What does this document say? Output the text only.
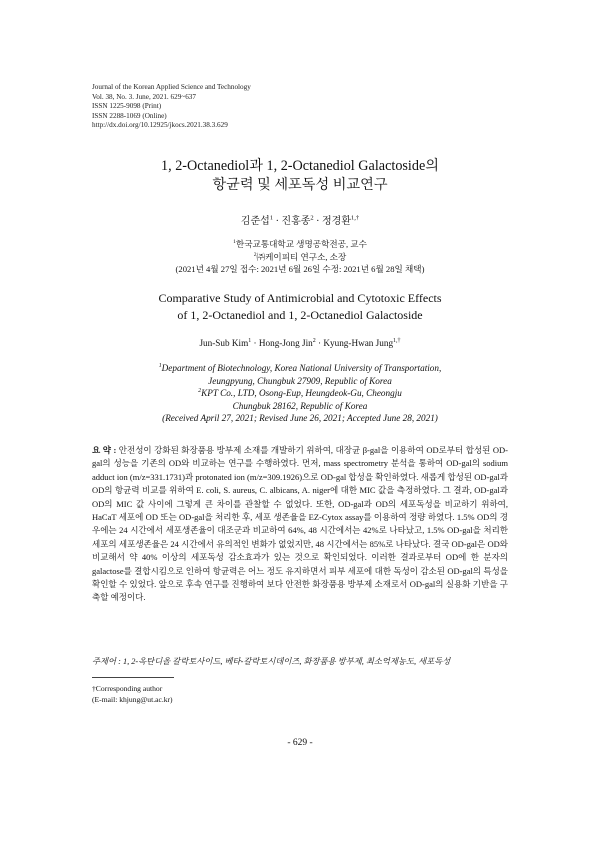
Journal of the Korean Applied Science and Technology
Vol. 38, No. 3. June, 2021. 629~637
ISSN 1225-9098 (Print)
ISSN 2288-1069 (Online)
http://dx.doi.org/10.12925/jkocs.2021.38.3.629
1, 2-Octanediol과 1, 2-Octanediol Galactoside의
항균력 및 세포독성 비교연구
김준섭$^1$ · 진홍종$^2$ · 정경환$^{1,\dagger}$
$^1$한국교통대학교 생명공학전공, 교수
$^2$㈜케이피티 연구소, 소장
(2021년 4월 27일 접수: 2021년 6월 26일 수정: 2021년 6월 28일 채택)
Comparative Study of Antimicrobial and Cytotoxic Effects
of 1, 2-Octanediol and 1, 2-Octanediol Galactoside
Jun-Sub Kim$^1$ · Hong-Jong Jin$^2$ · Kyung-Hwan Jung$^{1,\dagger}$
$^1$Department of Biotechnology, Korea National University of Transportation,
Jeungpyung, Chungbuk 27909, Republic of Korea
$^2$KPT Co., LTD, Osong-Eup, Heungdeok-Gu, Cheongju
Chungbuk 28162, Republic of Korea
(Received April 27, 2021; Revised June 26, 2021; Accepted June 28, 2021)
요 약 : 안전성이 강화된 화장품용 방부제 소재를 개발하기 위하여, 대장균 β-gal을 이용하여 OD로부터 합성된 OD-gal의 성능을 기존의 OD와 비교하는 연구를 수행하였다. 먼저, mass spectrometry 분석을 통하여 OD-gal의 sodium adduct ion (m/z=331.1731)과 protonated ion (m/z=309.1926)으로 OD-gal 합성을 확인하였다. 새롭게 합성된 OD-gal과 OD의 항균력 비교를 위하여 E. coli, S. aureus, C. albicans, A. niger에 대한 MIC 값을 측정하였다. 그 결과, OD-gal과 OD의 MIC 값 사이에 그렇게 큰 차이를 관찰할 수 없었다. 또한, OD-gal과 OD의 세포독성을 비교하기 위하여, HaCaT 세포에 OD 또는 OD-gal을 처리한 후, 세포 생존율을 EZ-Cytox assay를 이용하여 정량 하였다. 1.5% OD의 경우에는 24 시간에서 세포생존율이 대조군과 비교하여 64%, 48 시간에서는 42%로 나타났고, 1.5% OD-gal을 처리한 세포의 세포생존율은 24 시간에서 유의적인 변화가 없었지만, 48 시간에서는 85%로 나타났다. 결국 OD-gal은 OD와 비교해서 약 40% 이상의 세포독성 감소효과가 있는 것으로 확인되었다. 이러한 결과로부터 OD에 한 분자의 galactose를 결합시킴으로 인하여 항균력은 어느 정도 유지하면서 피부 세포에 대한 독성이 감소된 OD-gal의 특성을 확인할 수 있었다. 앞으로 후속 연구를 진행하여 보다 안전한 화장품용 방부제 소재로서 OD-gal의 실용화 기반을 구축할 예정이다.
주제어 : 1, 2-옥탄디올 갈락토사이드, 베타-갈락토시데이즈, 화장품용 방부제, 최소억제농도, 세포독성
†Corresponding author
(E-mail: khjung@ut.ac.kr)
- 629 -
